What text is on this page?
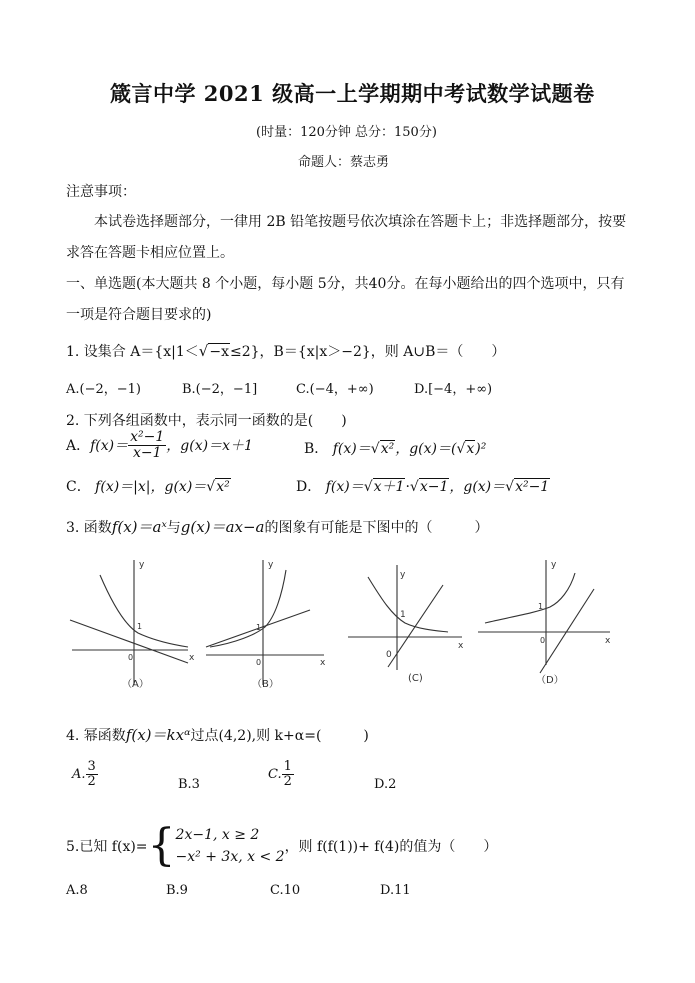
箴言中学 2021 级高一上学期期中考试数学试题卷
(时量：120分钟 总分：150分)
命题人：蔡志勇
注意事项：
本试卷选择题部分，一律用 2B 铅笔按题号依次填涂在答题卡上；非选择题部分，按要
求答在答题卡相应位置上。
一、单选题(本大题共 8 个小题，每小题 5分，共40分。在每小题给出的四个选项中，只有
一项是符合题目要求的)
1. 设集合 A＝{x|1＜√−x≤2}，B＝{x|x＞−2}，则 A∪B＝（　　）
A.(−2，−1)	B.(−2，−1]	C.(−4，+∞)	D.[−4，+∞)
2. 下列各组函数中，表示同一函数的是(　　)
A． $f(x)= \frac{\text{x²−1}}{x-1}$ ，g(x)＝x＋1	B． f(x)＝√x²，g(x)＝(√x)²
C． f(x)＝|x|，g(x)＝√x²	D． f(x)＝√x＋1·√x−1，g(x)＝√x²−1
3. 函数f(x)＝aˣ与g(x)＝ax−a的图象有可能是下图中的（　　　）
y
x
0
1
（A）
y
x
0
1
（B）
y
x
0
1
(C)
y
x
0
1
（D）
4. 幂函数f(x)＝kxᵅ过点(4,2),则 k+α=(　　　)
A. $\frac{3}{2}$	B.3
C. $\frac{1}{2}$	D.2
5.已知 f(x)= { 2x−1, x ≥ 2
−x² + 3x, x < 2
，则 f(f(1))+ f(4)的值为（　　）
A.8	B.9	C.10	D.11
